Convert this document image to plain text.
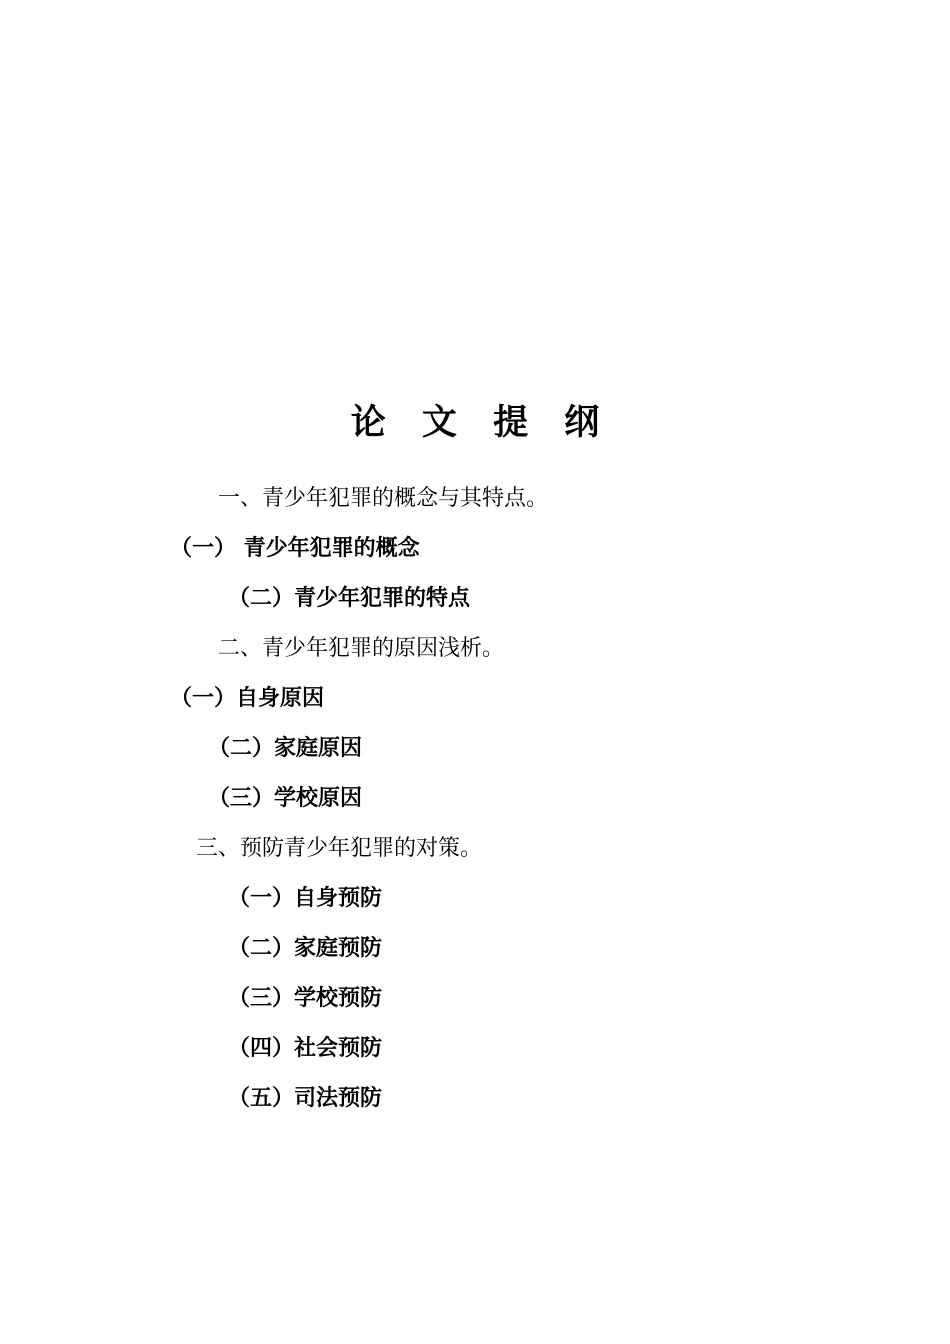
论 文 提 纲
一、青少年犯罪的概念与其特点。
（一） 青少年犯罪的概念
（二）青少年犯罪的特点
二、青少年犯罪的原因浅析。
（一）自身原因
（二）家庭原因
（三）学校原因
三、预防青少年犯罪的对策。
（一）自身预防
（二）家庭预防
（三）学校预防
（四）社会预防
（五）司法预防
